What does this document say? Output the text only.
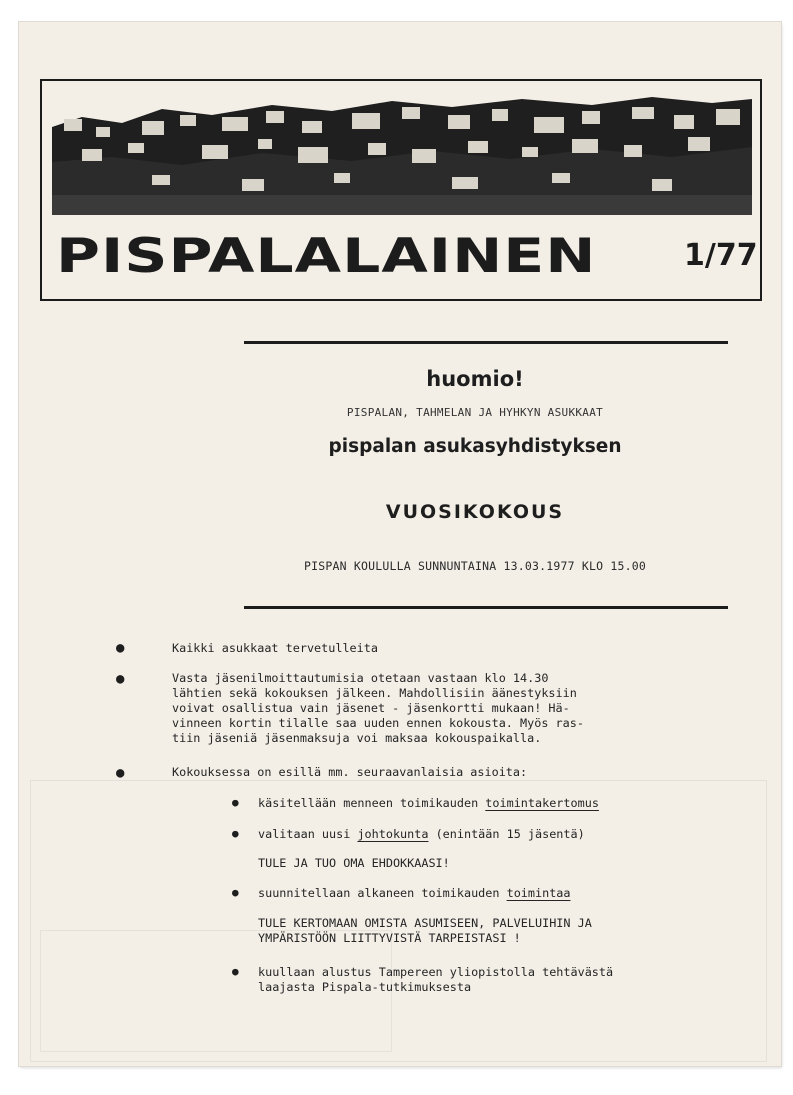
PISPALALAINEN	1/77
huomio!
PISPALAN, TAHMELAN JA HYHKYN ASUKKAAT
pispalan asukasyhdistyksen
VUOSIKOKOUS
PISPAN KOULULLA SUNNUNTAINA 13.03.1977 KLO 15.00
●	Kaikki asukkaat tervetulleita
●	Vasta jäsenilmoittautumisia otetaan vastaan klo 14.30
lähtien sekä kokouksen jälkeen. Mahdollisiin äänestyksiin
voivat osallistua vain jäsenet - jäsenkortti mukaan! Hä-
vinneen kortin tilalle saa uuden ennen kokousta. Myös ras-
tiin jäseniä jäsenmaksuja voi maksaa kokouspaikalla.
●	Kokouksessa on esillä mm. seuraavanlaisia asioita:
● käsitellään menneen toimikauden toimintakertomus
● valitaan uusi johtokunta (enintään 15 jäsentä)
TULE JA TUO OMA EHDOKKAASI!
● suunnitellaan alkaneen toimikauden toimintaa
TULE KERTOMAAN OMISTA ASUMISEEN, PALVELUIHIN JA
YMPÄRISTÖÖN LIITTYVISTÄ TARPEISTASI !
● kuullaan alustus Tampereen yliopistolla tehtävästä
laajasta Pispala-tutkimuksesta
